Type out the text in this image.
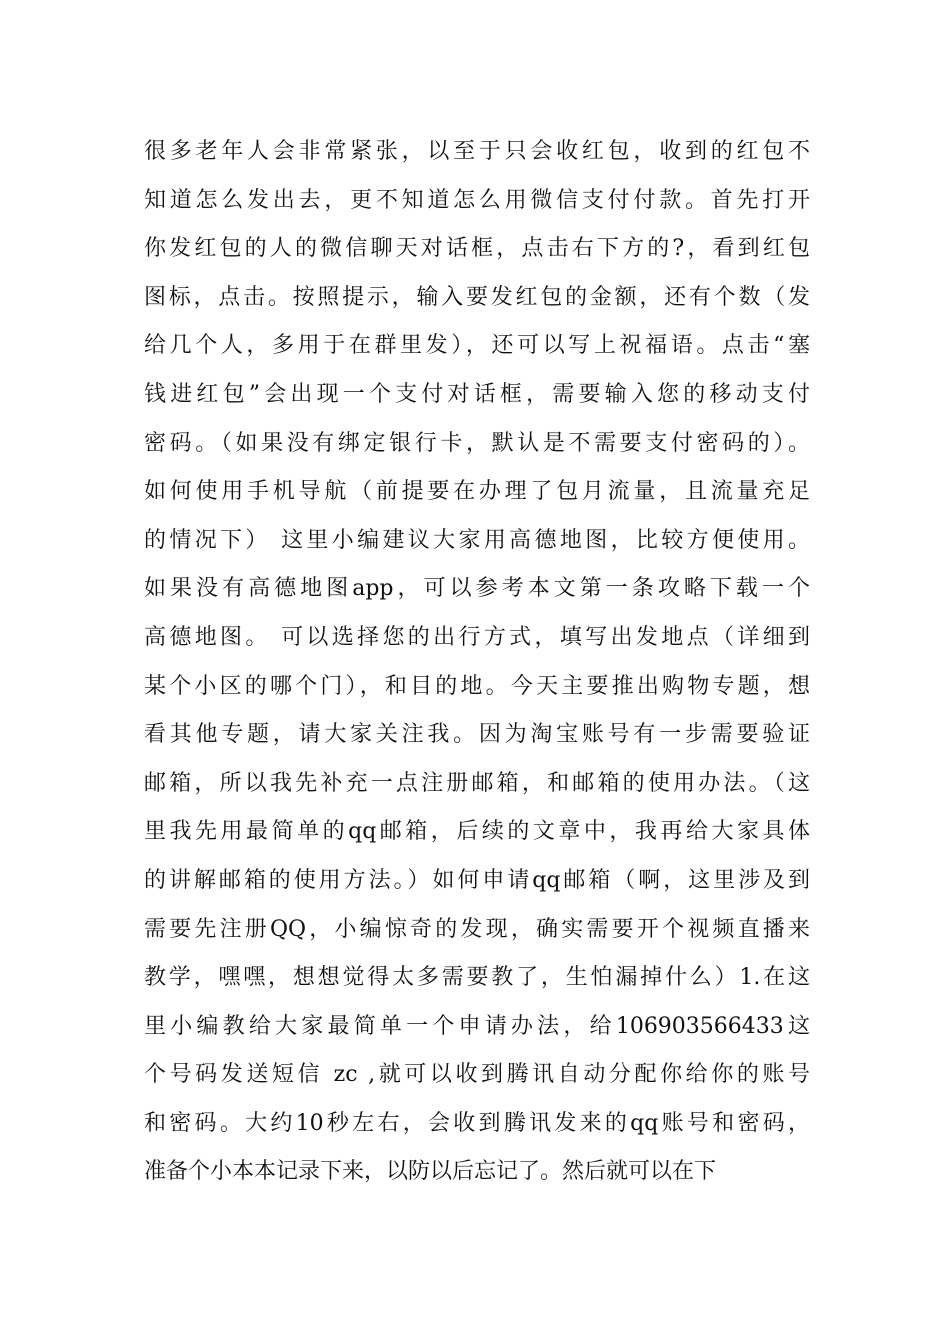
很多老年人会非常紧张，以至于只会收红包，收到的红包不
知道怎么发出去，更不知道怎么用微信支付付款。首先打开
你发红包的人的微信聊天对话框，点击右下方的?，看到红包
图标，点击。按照提示，输入要发红包的金额，还有个数（发
给几个人，多用于在群里发），还可以写上祝福语。点击“塞
钱进红包”会出现一个支付对话框，需要输入您的移动支付
密码。（如果没有绑定银行卡，默认是不需要支付密码的）。
如何使用手机导航（前提要在办理了包月流量，且流量充足
的情况下） 这里小编建议大家用高德地图，比较方便使用。
如果没有高德地图app，可以参考本文第一条攻略下载一个
高德地图。 可以选择您的出行方式，填写出发地点（详细到
某个小区的哪个门），和目的地。今天主要推出购物专题，想
看其他专题，请大家关注我。因为淘宝账号有一步需要验证
邮箱，所以我先补充一点注册邮箱，和邮箱的使用办法。（这
里我先用最简单的qq邮箱，后续的文章中，我再给大家具体
的讲解邮箱的使用方法。）如何申请qq邮箱（啊，这里涉及到
需要先注册QQ，小编惊奇的发现，确实需要开个视频直播来
教学，嘿嘿，想想觉得太多需要教了，生怕漏掉什么）1.在这
里小编教给大家最简单一个申请办法，给106903566433这
个号码发送短信 zc ,就可以收到腾讯自动分配你给你的账号
和密码。大约10秒左右，会收到腾讯发来的qq账号和密码，
准备个小本本记录下来，以防以后忘记了。然后就可以在下
